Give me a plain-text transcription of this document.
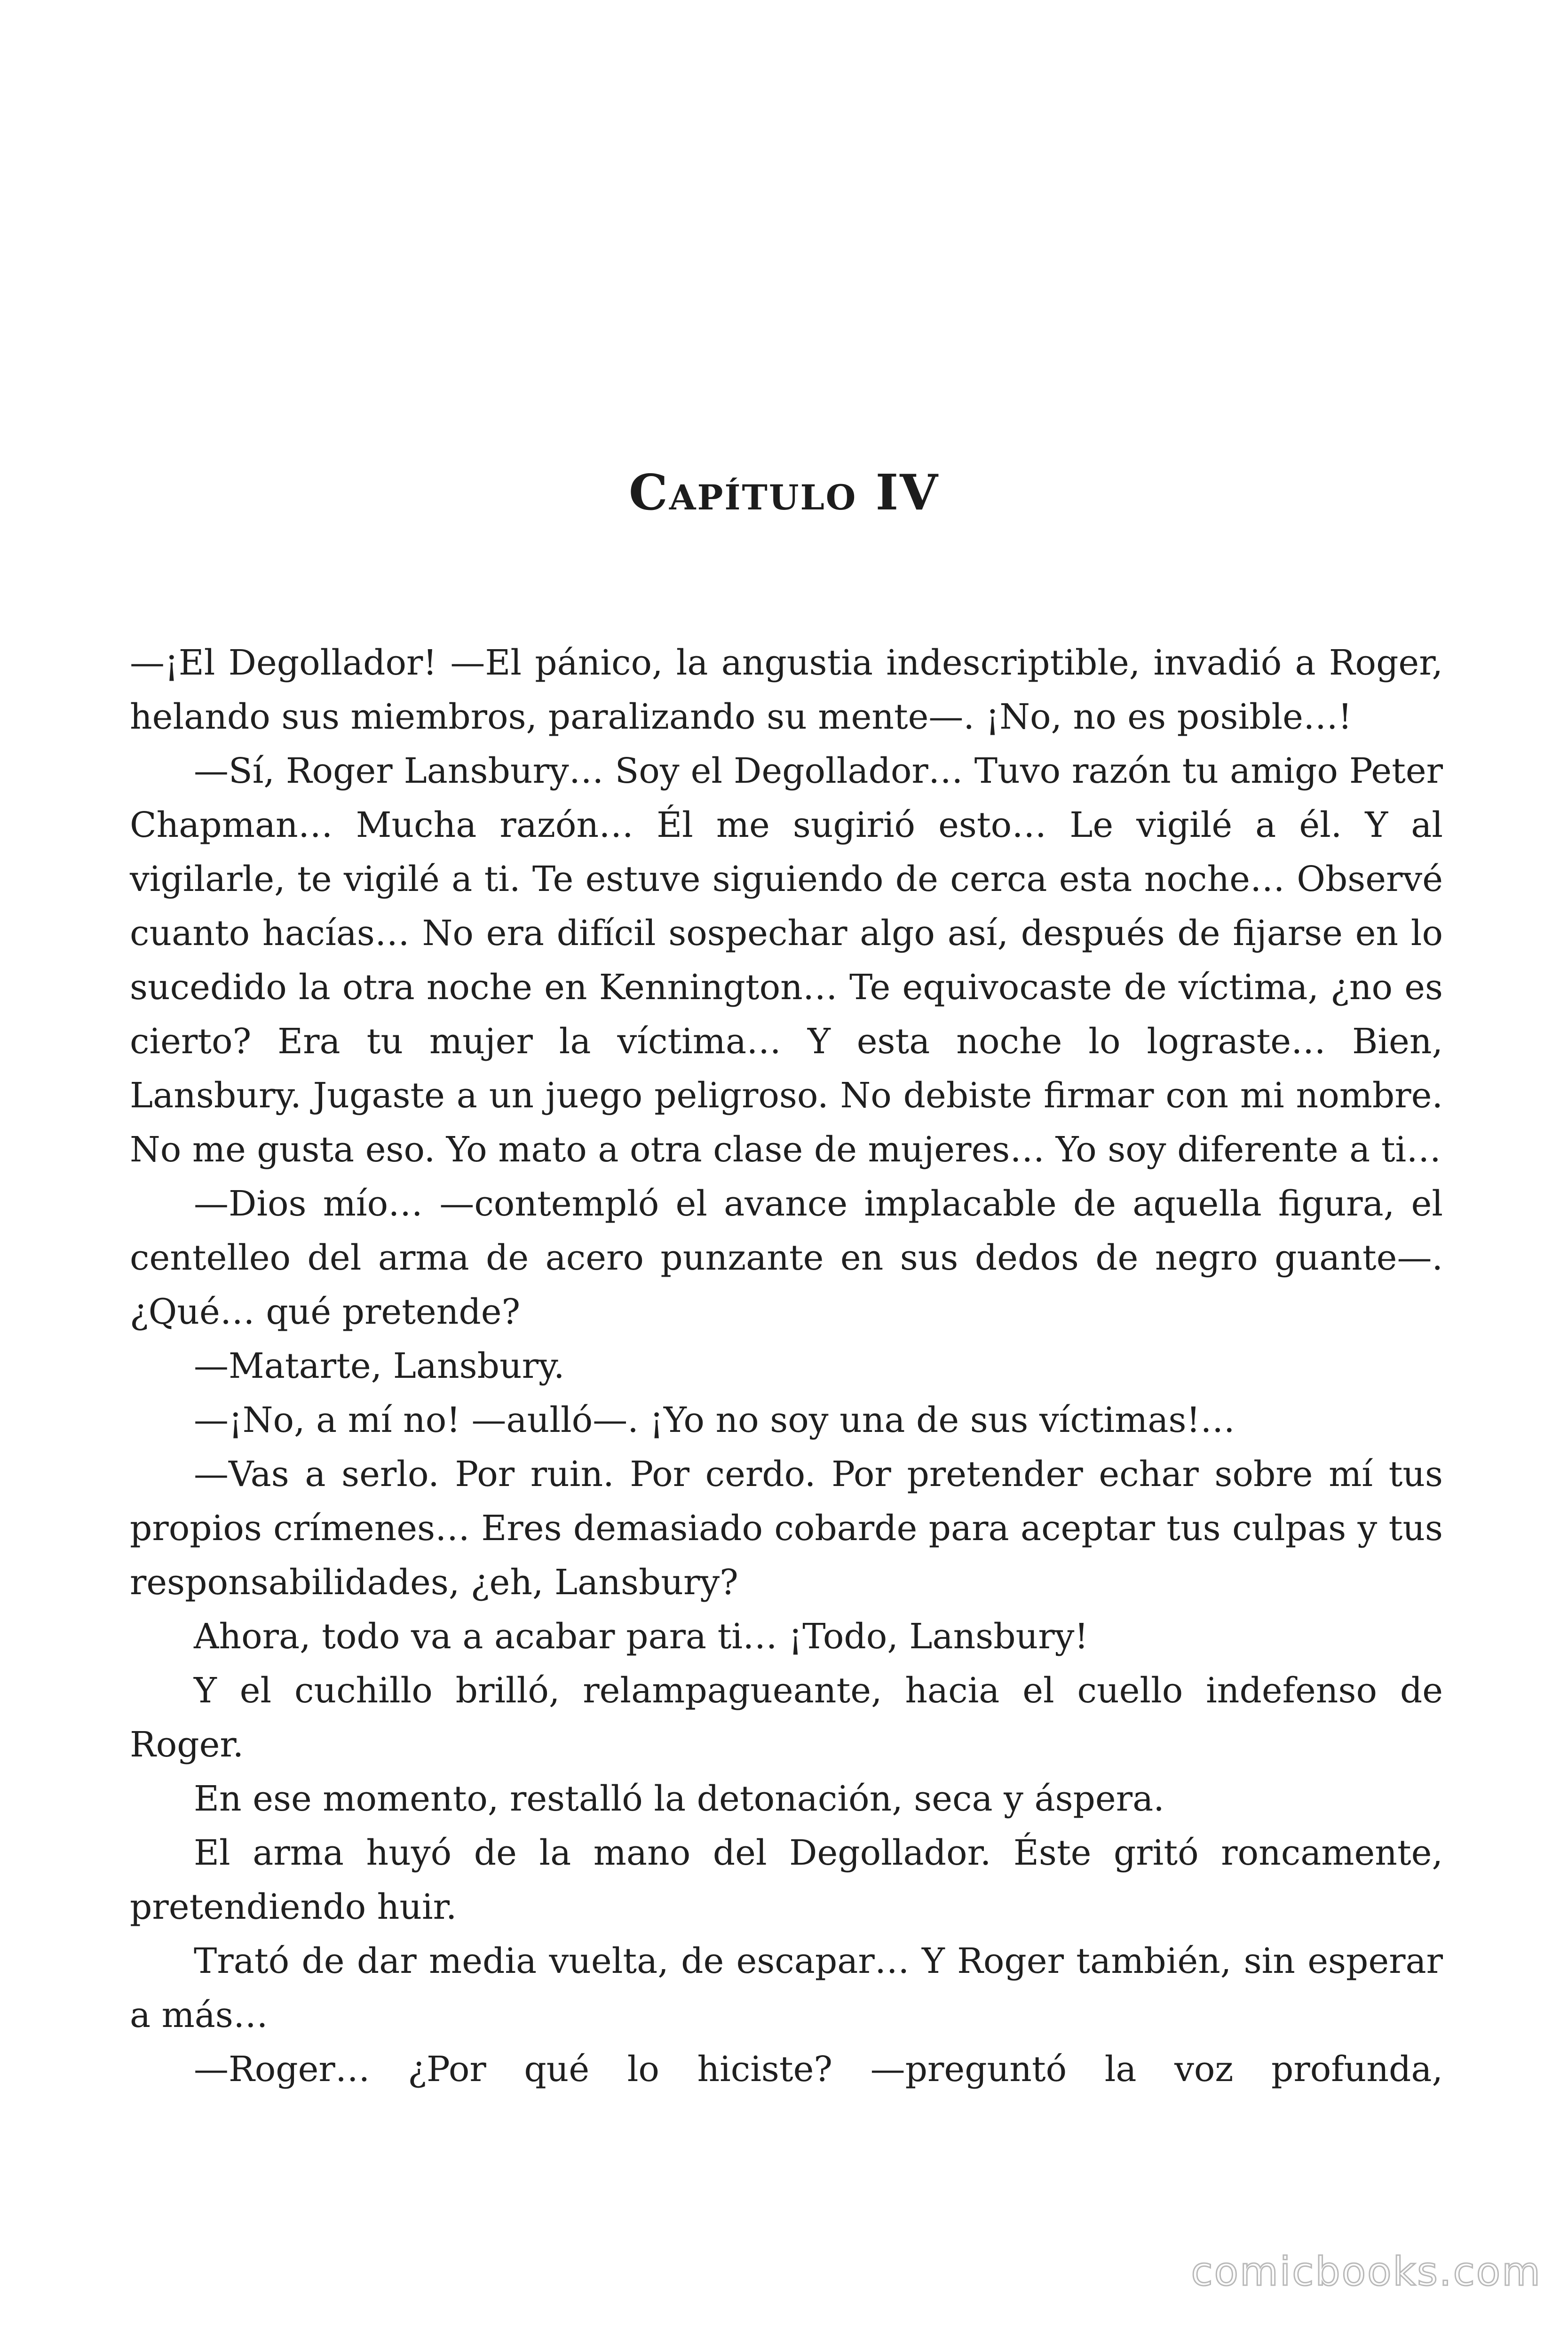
Capítulo IV

—¡El Degollador! —El pánico, la angustia indescriptible, invadió a Roger, helando sus miembros, paralizando su mente—. ¡No, no es posible…!

—Sí, Roger Lansbury… Soy el Degollador… Tuvo razón tu amigo Peter Chapman… Mucha razón… Él me sugirió esto… Le vigilé a él. Y al vigilarle, te vigilé a ti. Te estuve siguiendo de cerca esta noche… Observé cuanto hacías… No era difícil sospechar algo así, después de fijarse en lo sucedido la otra noche en Kennington… Te equivocaste de víctima, ¿no es cierto? Era tu mujer la víctima… Y esta noche lo lograste… Bien, Lansbury. Jugaste a un juego peligroso. No debiste firmar con mi nombre. No me gusta eso. Yo mato a otra clase de mujeres… Yo soy diferente a ti…

—Dios mío… —contempló el avance implacable de aquella figura, el centelleo del arma de acero punzante en sus dedos de negro guante—. ¿Qué… qué pretende?

—Matarte, Lansbury.

—¡No, a mí no! —aulló—. ¡Yo no soy una de sus víctimas!…

—Vas a serlo. Por ruin. Por cerdo. Por pretender echar sobre mí tus propios crímenes… Eres demasiado cobarde para aceptar tus culpas y tus responsabilidades, ¿eh, Lansbury?

Ahora, todo va a acabar para ti… ¡Todo, Lansbury!

Y el cuchillo brilló, relampagueante, hacia el cuello indefenso de Roger.

En ese momento, restalló la detonación, seca y áspera.

El arma huyó de la mano del Degollador. Éste gritó roncamente, pretendiendo huir.

Trató de dar media vuelta, de escapar… Y Roger también, sin esperar a más…

—Roger… ¿Por qué lo hiciste? —preguntó la voz profunda,

comicbooks.com
